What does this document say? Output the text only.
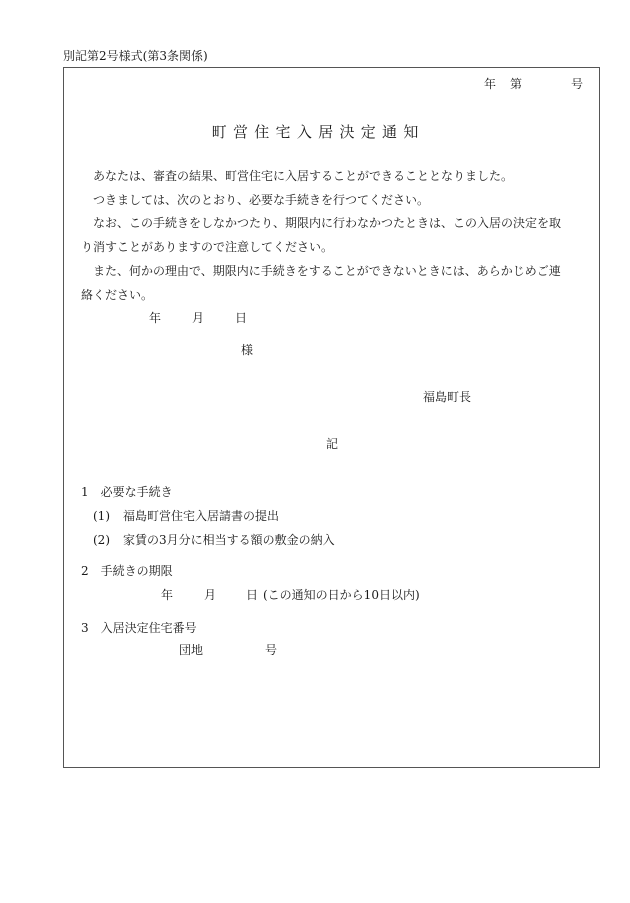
別記第2号様式(第3条関係)
年 第	号
町営住宅入居決定通知
あなたは、審査の結果、町営住宅に入居することができることとなりました。
つきましては、次のとおり、必要な手続きを行つてください。
なお、この手続きをしなかつたり、期限内に行わなかつたときは、この入居の決定を取
り消すことがありますので注意してください。
また、何かの理由で、期限内に手続きをすることができないときには、あらかじめご連
絡ください。
年	月	日
様
福島町長
記
1　必要な手続き
(1) 福島町営住宅入居請書の提出
(2) 家賃の3月分に相当する額の敷金の納入
2　手続きの期限
年	月 日 (この通知の日から10日以内)
3　入居決定住宅番号
団地	号
